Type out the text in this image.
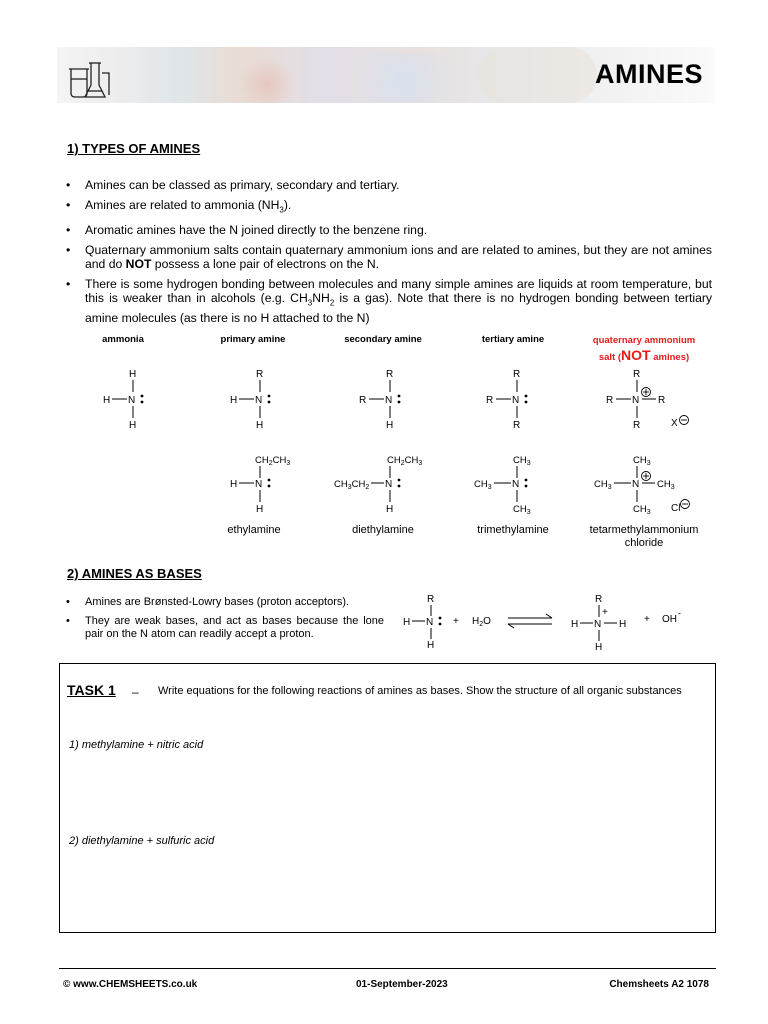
AMINES
1) TYPES OF AMINES
• Amines can be classed as primary, secondary and tertiary.
• Amines are related to ammonia $(NH_3)$.
• Aromatic amines have the N joined directly to the benzene ring.
• Quaternary ammonium salts contain quaternary ammonium ions and are related to amines, but they are not amines and do NOT possess a lone pair of electrons on the N.
• There is some hydrogen bonding between molecules and many simple amines are liquids at room temperature, but this is weaker than in alcohols (e.g. $CH_3NH_2$ is a gas). Note that there is no hydrogen bonding between tertiary amine molecules (as there is no H attached to the N)
ammonia	primary amine	secondary amine	tertiary amine	quaternary ammonium
salt (NOT amines)
H
H N
H
R
H N
H
R
R N
H
R
R N
R
R
R N R
R	X
$CH_2CH_3$
H N
H
$CH_2CH_3$
$CH_3CH_2$ N
H
$CH_3$
$CH_3$ N
$CH_3$
$CH_3$
$CH_3$ N $CH_3$
$CH_3$ Cl
ethylamine	diethylamine	trimethylamine	tetarmethylammonium
chloride
2) AMINES AS BASES
• Amines are Brønsted-Lowry bases (proton acceptors).
• They are weak bases, and act as bases because the lone pair on the N atom can readily accept a proton.
R
H N
H
+ $H_2O$
R
+
H N H
H
+ OH
-
TASK 1 – Write equations for the following reactions of amines as bases. Show the structure of all organic substances
1) methylamine + nitric acid
2) diethylamine + sulfuric acid
© www.CHEMSHEETS.co.uk	01-September-2023	Chemsheets A2 1078
